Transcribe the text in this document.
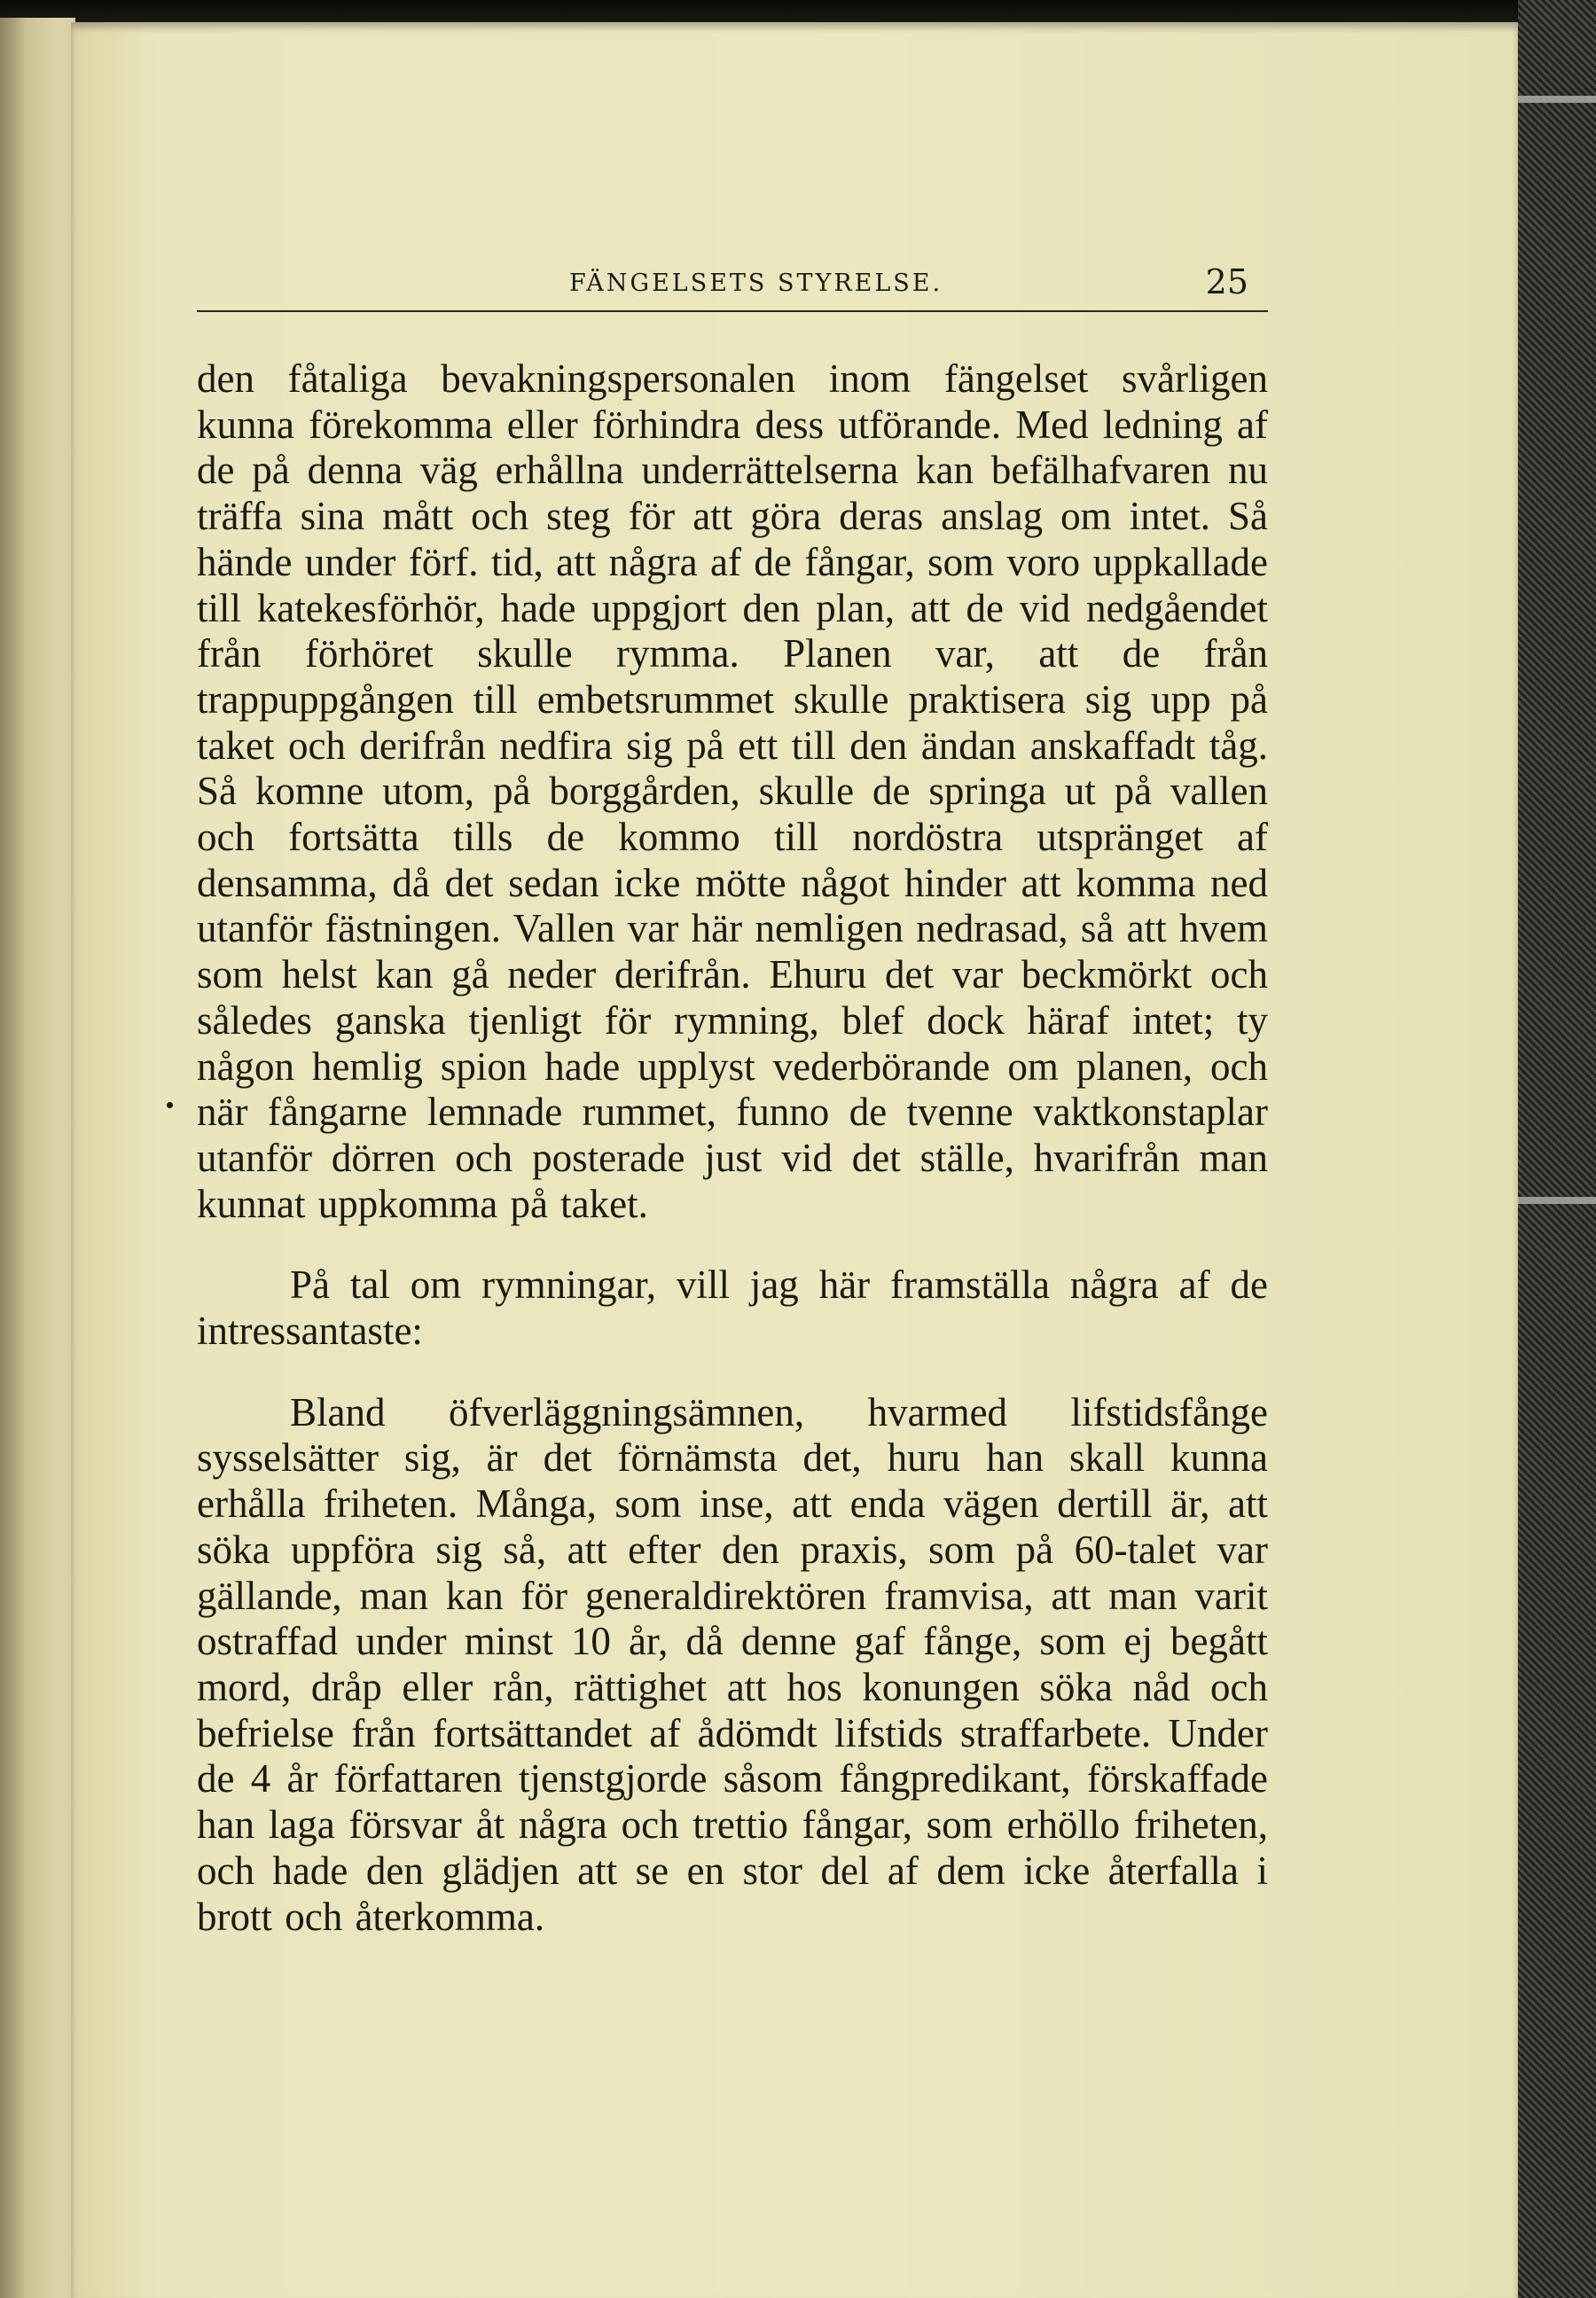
FÄNGELSETS STYRELSE.	25

den fåtaliga bevakningspersonalen inom fängelset svårligen kunna förekomma eller förhindra dess utförande. Med ledning af de på denna väg erhållna underrättelserna kan befälhafvaren nu träffa sina mått och steg för att göra deras anslag om intet. Så hände under förf. tid, att några af de fångar, som voro uppkallade till katekesförhör, hade uppgjort den plan, att de vid nedgåendet från förhöret skulle rymma. Planen var, att de från trappuppgången till embetsrummet skulle praktisera sig upp på taket och derifrån nedfira sig på ett till den ändan anskaffadt tåg. Så komne utom, på borggården, skulle de springa ut på vallen och fortsätta tills de kommo till nordöstra utspränget af densamma, då det sedan icke mötte något hinder att komma ned utanför fästningen. Vallen var här nemligen nedrasad, så att hvem som helst kan gå neder derifrån. Ehuru det var beckmörkt och således ganska tjenligt för rymning, blef dock häraf intet; ty någon hemlig spion hade upplyst vederbörande om planen, och när fångarne lemnade rummet, funno de tvenne vaktkonstaplar utanför dörren och posterade just vid det ställe, hvarifrån man kunnat uppkomma på taket.

På tal om rymningar, vill jag här framställa några af de intressantaste:

Bland öfverläggningsämnen, hvarmed lifstidsfånge sysselsätter sig, är det förnämsta det, huru han skall kunna erhålla friheten. Många, som inse, att enda vägen dertill är, att söka uppföra sig så, att efter den praxis, som på 60-talet var gällande, man kan för generaldirektören framvisa, att man varit ostraffad under minst 10 år, då denne gaf fånge, som ej begått mord, dråp eller rån, rättighet att hos konungen söka nåd och befrielse från fortsättandet af ådömdt lifstids straffarbete. Under de 4 år författaren tjenstgjorde såsom fångpredikant, förskaffade han laga försvar åt några och trettio fångar, som erhöllo friheten, och hade den glädjen att se en stor del af dem icke återfalla i brott och återkomma.
